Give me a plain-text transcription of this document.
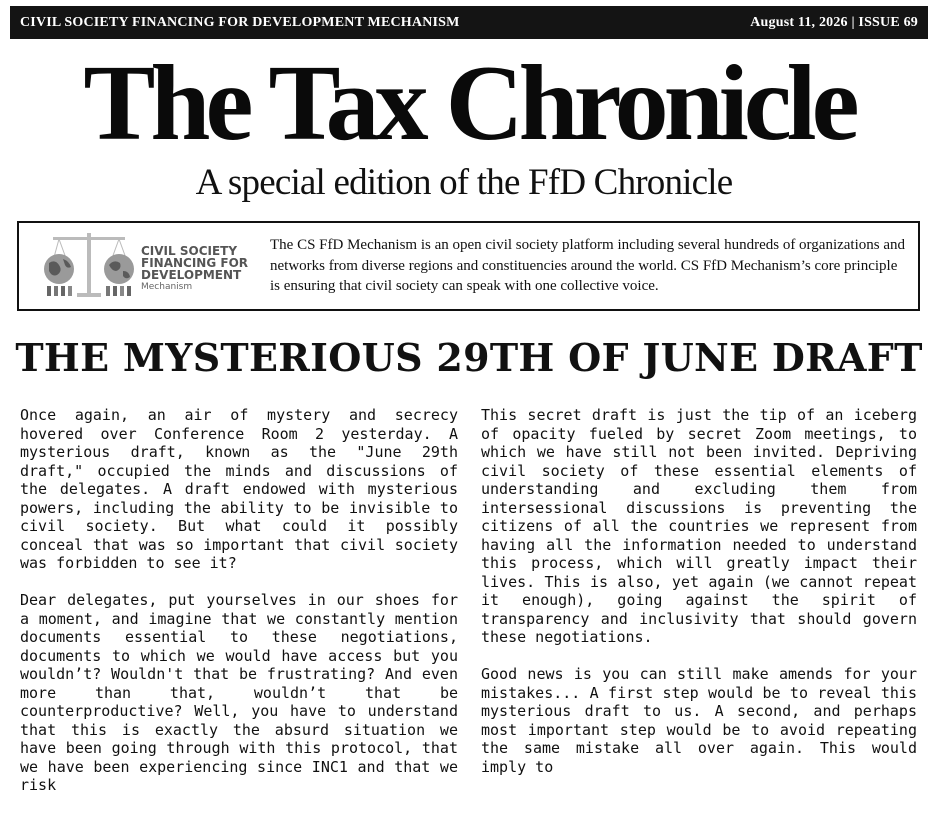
CIVIL SOCIETY FINANCING FOR DEVELOPMENT MECHANISM	August 11, 2026 | ISSUE 69
The Tax Chronicle
A special edition of the FfD Chronicle
CIVIL SOCIETY
FINANCING FOR
DEVELOPMENT
Mechanism
The CS FfD Mechanism is an open civil society platform including several hundreds of organizations and networks from diverse regions and constituencies around the world. CS FfD Mechanism’s core principle is ensuring that civil society can speak with one collective voice.
THE MYSTERIOUS 29TH OF JUNE DRAFT

Once again, an air of mystery and secrecy hovered over Conference Room 2 yesterday. A mysterious draft, known as the "June 29th draft," occupied the minds and discussions of the delegates. A draft endowed with mysterious powers, including the ability to be invisible to civil society. But what could it possibly conceal that was so important that civil society was forbidden to see it?

Dear delegates, put yourselves in our shoes for a moment, and imagine that we constantly mention documents essential to these negotiations, documents to which we would have access but you wouldn’t? Wouldn't that be frustrating? And even more than that, wouldn’t that be counterproductive? Well, you have to understand that this is exactly the absurd situation we have been going through with this protocol, that we have been experiencing since INC1 and that we risk

This secret draft is just the tip of an iceberg of opacity fueled by secret Zoom meetings, to which we have still not been invited. Depriving civil society of these essential elements of understanding and excluding them from intersessional discussions is preventing the citizens of all the countries we represent from having all the information needed to understand this process, which will greatly impact their lives. This is also, yet again (we cannot repeat it enough), going against the spirit of transparency and inclusivity that should govern these negotiations.

Good news is you can still make amends for your mistakes... A first step would be to reveal this mysterious draft to us. A second, and perhaps most important step would be to avoid repeating the same mistake all over again. This would imply to
